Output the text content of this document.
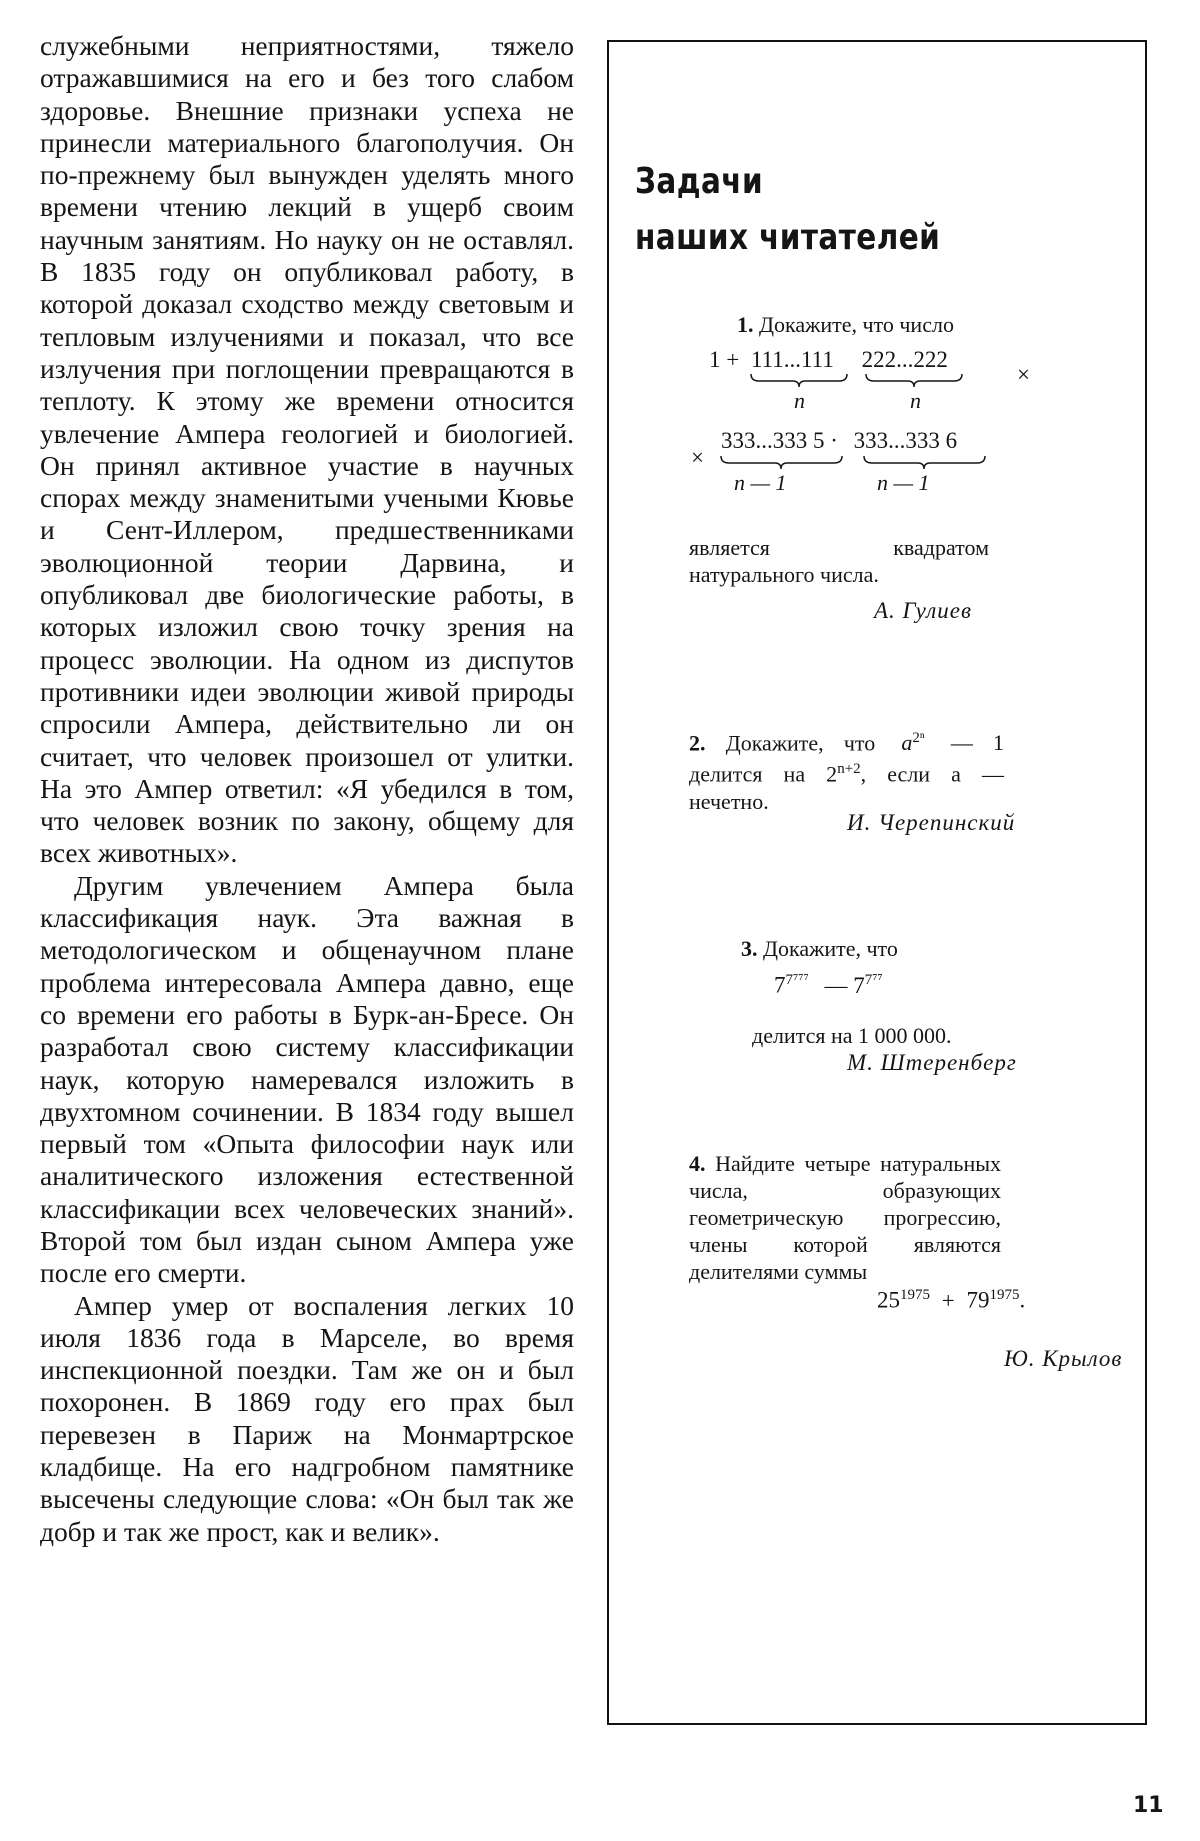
служебными неприятностями, тяжело отражавшимися на его и без того слабом здоровье. Внешние признаки успеха не принесли материального благополучия. Он по-прежнему был вынужден уделять много времени чтению лекций в ущерб своим научным занятиям. Но науку он не оставлял. В 1835 году он опубликовал работу, в которой доказал сходство между световым и тепловым излучениями и показал, что все излучения при поглощении превращаются в теплоту. К этому же времени относится увлечение Ампера геологией и биологией. Он принял активное участие в научных спорах между знаменитыми учеными Кювье и Сент-Иллером, предшественниками эволюционной теории Дарвина, и опубликовал две биологические работы, в которых изложил свою точку зрения на процесс эволюции. На одном из диспутов противники идеи эволюции живой природы спросили Ампера, действительно ли он считает, что человек произошел от улитки. На это Ампер ответил: «Я убедился в том, что человек возник по закону, общему для всех животных».

Другим увлечением Ампера была классификация наук. Эта важная в методологическом и общенаучном плане проблема интересовала Ампера давно, еще со времени его работы в Бурк-ан-Бресе. Он разработал свою систему классификации наук, которую намеревался изложить в двухтомном сочинении. В 1834 году вышел первый том «Опыта философии наук или аналитического изложения естественной классификации всех человеческих знаний». Второй том был издан сыном Ампера уже после его смерти.

Ампер умер от воспаления легких 10 июля 1836 года в Марселе, во время инспекционной поездки. Там же он и был похоронен. В 1869 году его прах был перевезен в Париж на Монмартрское кладбище. На его надгробном памятнике высечены следующие слова: «Он был так же добр и так же прост, как и велик».

Задачи
наших читателей
1. Докажите, что число
1 + 111...111 222...222
×
n	n
×
333...333 5 · 333...333 6
n — 1	n — 1
является квадратом натурального числа.
А. Гулиев
2. Докажите, что $a^{2^n}$ — 1 делится на $2^{n+2}$, если a — нечетно.
И. Черепинский
3. Докажите, что
$7^{7^{777}}$ — $7^{7^{77}}$
делится на 1 000 000.
М. Штеренберг
4. Найдите четыре натуральных числа, образующих геометрическую прогрессию, члены которой являются делителями суммы
$25^{1975} + 79^{1975}$.
Ю. Крылов
11
